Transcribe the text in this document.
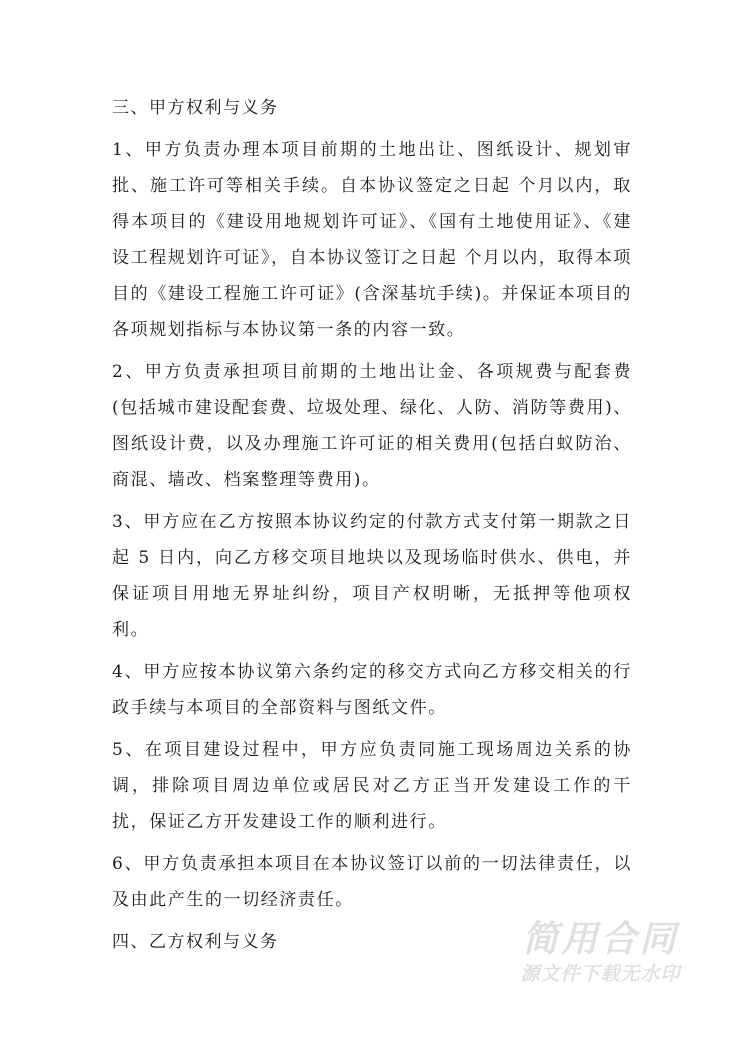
三、甲方权利与义务
1、甲方负责办理本项目前期的土地出让、图纸设计、规划审批、施工许可等相关手续。自本协议签定之日起 个月以内，取得本项目的《建设用地规划许可证》、《国有土地使用证》、《建设工程规划许可证》，自本协议签订之日起 个月以内，取得本项目的《建设工程施工许可证》(含深基坑手续)。并保证本项目的各项规划指标与本协议第一条的内容一致。
2、甲方负责承担项目前期的土地出让金、各项规费与配套费(包括城市建设配套费、垃圾处理、绿化、人防、消防等费用)、图纸设计费，以及办理施工许可证的相关费用(包括白蚁防治、商混、墙改、档案整理等费用)。
3、甲方应在乙方按照本协议约定的付款方式支付第一期款之日起 5 日内，向乙方移交项目地块以及现场临时供水、供电，并保证项目用地无界址纠纷，项目产权明晰，无抵押等他项权利。
4、甲方应按本协议第六条约定的移交方式向乙方移交相关的行政手续与本项目的全部资料与图纸文件。
5、在项目建设过程中，甲方应负责同施工现场周边关系的协调，排除项目周边单位或居民对乙方正当开发建设工作的干扰，保证乙方开发建设工作的顺利进行。
6、甲方负责承担本项目在本协议签订以前的一切法律责任，以及由此产生的一切经济责任。
四、乙方权利与义务	简用合同
源文件下载无水印
